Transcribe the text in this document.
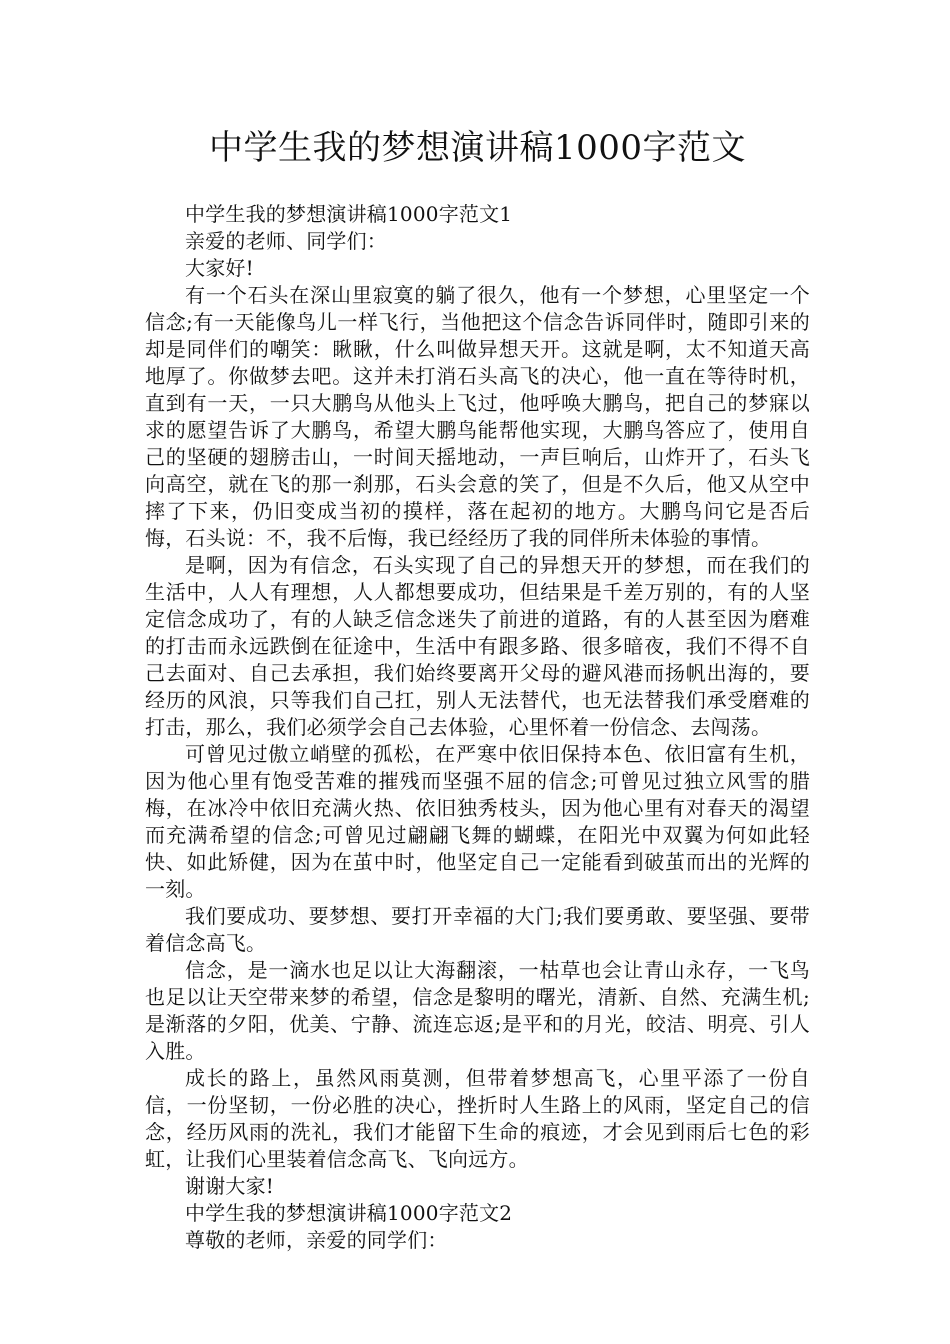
中学生我的梦想演讲稿1000字范文

中学生我的梦想演讲稿1000字范文1

亲爱的老师、同学们：

大家好!

有一个石头在深山里寂寞的躺了很久，他有一个梦想，心里坚定一个信念;有一天能像鸟儿一样飞行，当他把这个信念告诉同伴时，随即引来的却是同伴们的嘲笑：瞅瞅，什么叫做异想天开。这就是啊，太不知道天高地厚了。你做梦去吧。这并未打消石头高飞的决心，他一直在等待时机，直到有一天，一只大鹏鸟从他头上飞过，他呼唤大鹏鸟，把自己的梦寐以求的愿望告诉了大鹏鸟，希望大鹏鸟能帮他实现，大鹏鸟答应了，使用自己的坚硬的翅膀击山，一时间天摇地动，一声巨响后，山炸开了，石头飞向高空，就在飞的那一刹那，石头会意的笑了，但是不久后，他又从空中摔了下来，仍旧变成当初的摸样，落在起初的地方。大鹏鸟问它是否后悔，石头说：不，我不后悔，我已经经历了我的同伴所未体验的事情。

是啊，因为有信念，石头实现了自己的异想天开的梦想，而在我们的生活中，人人有理想，人人都想要成功，但结果是千差万别的，有的人坚定信念成功了，有的人缺乏信念迷失了前进的道路，有的人甚至因为磨难的打击而永远跌倒在征途中，生活中有跟多路、很多暗夜，我们不得不自己去面对、自己去承担，我们始终要离开父母的避风港而扬帆出海的，要经历的风浪，只等我们自己扛，别人无法替代，也无法替我们承受磨难的打击，那么，我们必须学会自己去体验，心里怀着一份信念、去闯荡。

可曾见过傲立峭壁的孤松，在严寒中依旧保持本色、依旧富有生机，因为他心里有饱受苦难的摧残而坚强不屈的信念;可曾见过独立风雪的腊梅，在冰冷中依旧充满火热、依旧独秀枝头，因为他心里有对春天的渴望而充满希望的信念;可曾见过翩翩飞舞的蝴蝶，在阳光中双翼为何如此轻快、如此矫健，因为在茧中时，他坚定自己一定能看到破茧而出的光辉的一刻。

我们要成功、要梦想、要打开幸福的大门;我们要勇敢、要坚强、要带着信念高飞。

信念，是一滴水也足以让大海翻滚，一枯草也会让青山永存，一飞鸟也足以让天空带来梦的希望，信念是黎明的曙光，清新、自然、充满生机;是渐落的夕阳，优美、宁静、流连忘返;是平和的月光，皎洁、明亮、引人入胜。

成长的路上，虽然风雨莫测，但带着梦想高飞，心里平添了一份自信，一份坚韧，一份必胜的决心，挫折时人生路上的风雨，坚定自己的信念，经历风雨的洗礼，我们才能留下生命的痕迹，才会见到雨后七色的彩虹，让我们心里装着信念高飞、飞向远方。

谢谢大家!

中学生我的梦想演讲稿1000字范文2

尊敬的老师，亲爱的同学们：
